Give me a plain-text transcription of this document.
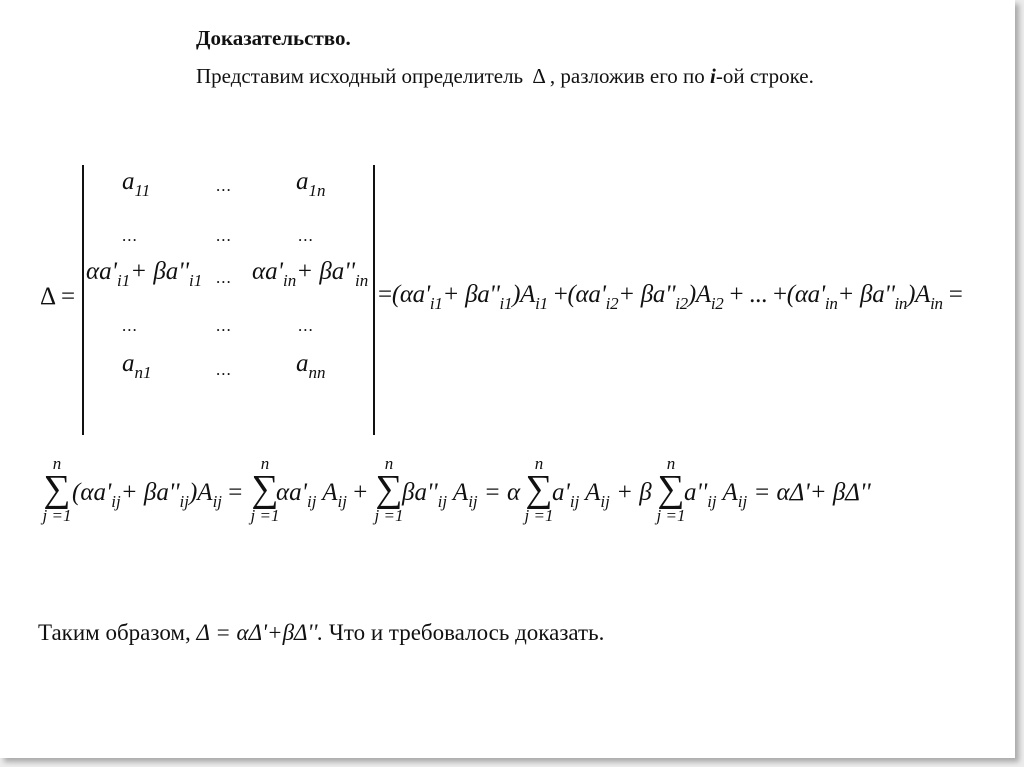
Доказательство.
Представим исходный определитель Δ , разложив его по i-ой строке.
Δ =
$a_{11}$	...	$a_{1n}$
...	...	...
$\alpha a'_{i1}+ \beta a''_{i1}$ ... $\alpha a'_{in}+ \beta a''_{in}$
...	...	...
$a_{n1}$	...	$a_{nn}$
$=(\alpha a'_{i1}+ \beta a''_{i1})A_{i1} +(\alpha a'_{i2}+ \beta a''_{i2})A_{i2}$ + ... $+(\alpha a'_{in}+ \beta a''_{in})A_{in}$ =
n
∑
j =1
$(\alpha a'_{ij}+ \beta a''_{ij})A_{ij}$ =
n
∑
j =1
$\alpha a'_{ij}$ $A_{ij}$ +
n
∑
j =1
$\beta a''_{ij}$ $A_{ij} = \alpha$
n
∑
j =1
$a'_{ij}$ $A_{ij} + \beta$
n
∑
j =1
$a''_{ij}$ $A_{ij} = \alpha\Delta'+ \beta\Delta''$
Таким образом, Δ = αΔ'+βΔ''. Что и требовалось доказать.
